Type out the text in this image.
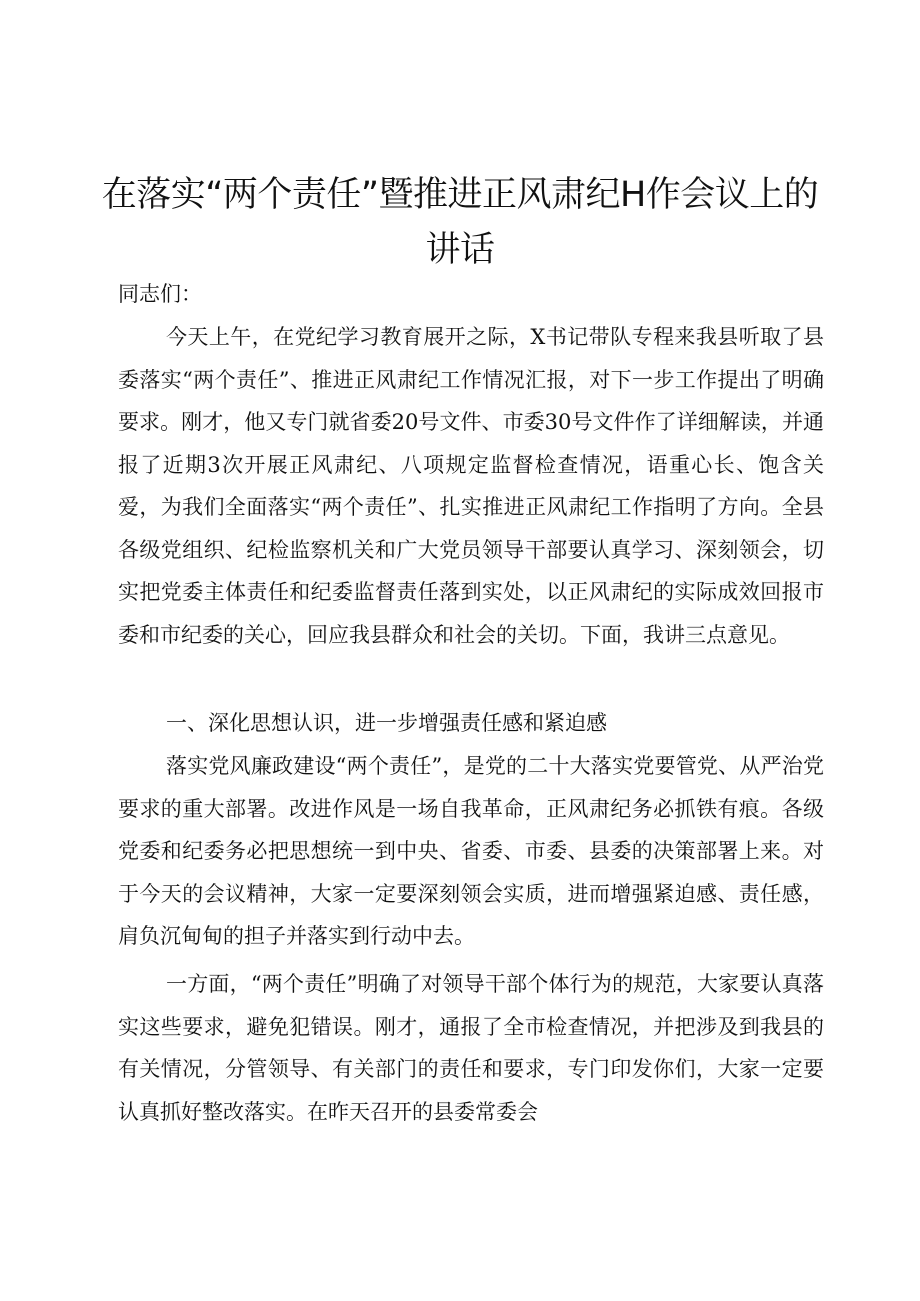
在落实“两个责任”暨推进正风肃纪H作会议上的讲话

同志们：

今天上午，在党纪学习教育展开之际，X书记带队专程来我县听取了县委落实“两个责任”、推进正风肃纪工作情况汇报，对下一步工作提出了明确要求。刚才，他又专门就省委20号文件、市委30号文件作了详细解读，并通报了近期3次开展正风肃纪、八项规定监督检查情况，语重心长、饱含关爱，为我们全面落实“两个责任”、扎实推进正风肃纪工作指明了方向。全县各级党组织、纪检监察机关和广大党员领导干部要认真学习、深刻领会，切实把党委主体责任和纪委监督责任落到实处，以正风肃纪的实际成效回报市委和市纪委的关心，回应我县群众和社会的关切。下面，我讲三点意见。

一、深化思想认识，进一步增强责任感和紧迫感

落实党风廉政建设“两个责任”，是党的二十大落实党要管党、从严治党要求的重大部署。改进作风是一场自我革命，正风肃纪务必抓铁有痕。各级党委和纪委务必把思想统一到中央、省委、市委、县委的决策部署上来。对于今天的会议精神，大家一定要深刻领会实质，进而增强紧迫感、责任感，肩负沉甸甸的担子并落实到行动中去。

一方面，“两个责任”明确了对领导干部个体行为的规范，大家要认真落实这些要求，避免犯错误。刚才，通报了全市检查情况，并把涉及到我县的有关情况，分管领导、有关部门的责任和要求，专门印发你们，大家一定要认真抓好整改落实。在昨天召开的县委常委会
